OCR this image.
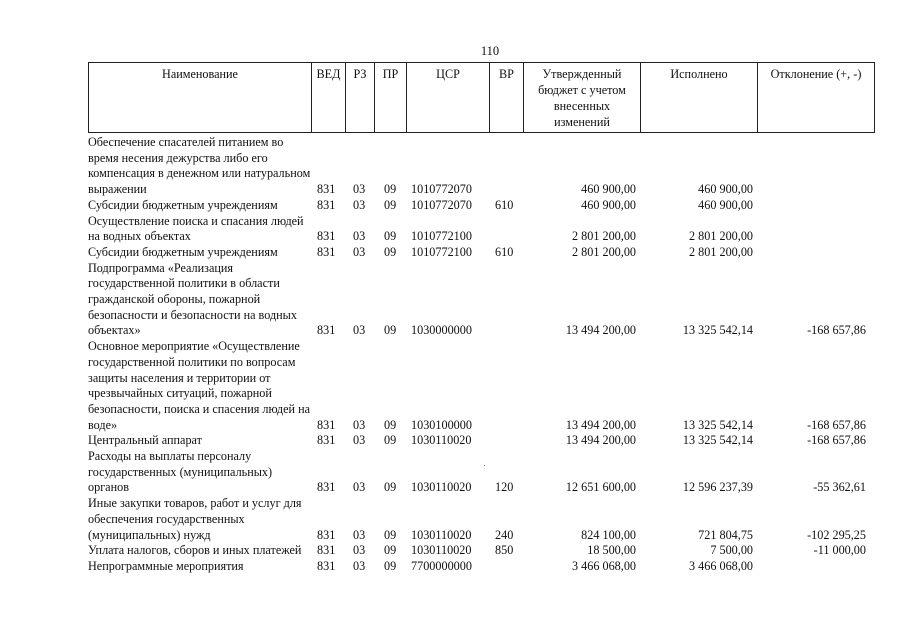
110
Наименование	ВЕД	РЗ	ПР	ЦСР	ВР	Утвержденный бюджет с учетом внесенных изменений	Исполнено	Отклонение (+, -)
Обеспечение спасателей питанием во время несения дежурства либо его компенсация в денежном или натуральном выражении	831 03 09 1010772070	460 900,00	460 900,00
Субсидии бюджетным учреждениям	831 03 09 1010772070 610	460 900,00	460 900,00
Осуществление поиска и спасания людей на водных объектах	831 03 09 1010772100	2 801 200,00	2 801 200,00
Субсидии бюджетным учреждениям	831 03 09 1010772100 610	2 801 200,00	2 801 200,00
Подпрограмма «Реализация государственной политики в области гражданской обороны, пожарной безопасности и безопасности на водных объектах»	831 03 09 1030000000	13 494 200,00	13 325 542,14	-168 657,86
Основное мероприятие «Осуществление государственной политики по вопросам защиты населения и территории от чрезвычайных ситуаций, пожарной безопасности, поиска и спасения людей на воде»	831 03 09 1030100000	13 494 200,00	13 325 542,14	-168 657,86
Центральный аппарат	831 03 09 1030110020	13 494 200,00	13 325 542,14	-168 657,86
Расходы на выплаты персоналу государственных (муниципальных) органов	831 03 09 1030110020 120	12 651 600,00	12 596 237,39	-55 362,61
Иные закупки товаров, работ и услуг для обеспечения государственных (муниципальных) нужд	831 03 09 1030110020 240	824 100,00	721 804,75	-102 295,25
Уплата налогов, сборов и иных платежей	831 03 09 1030110020 850	18 500,00	7 500,00	-11 000,00
Непрограммные мероприятия	831 03 09 7700000000	3 466 068,00	3 466 068,00
